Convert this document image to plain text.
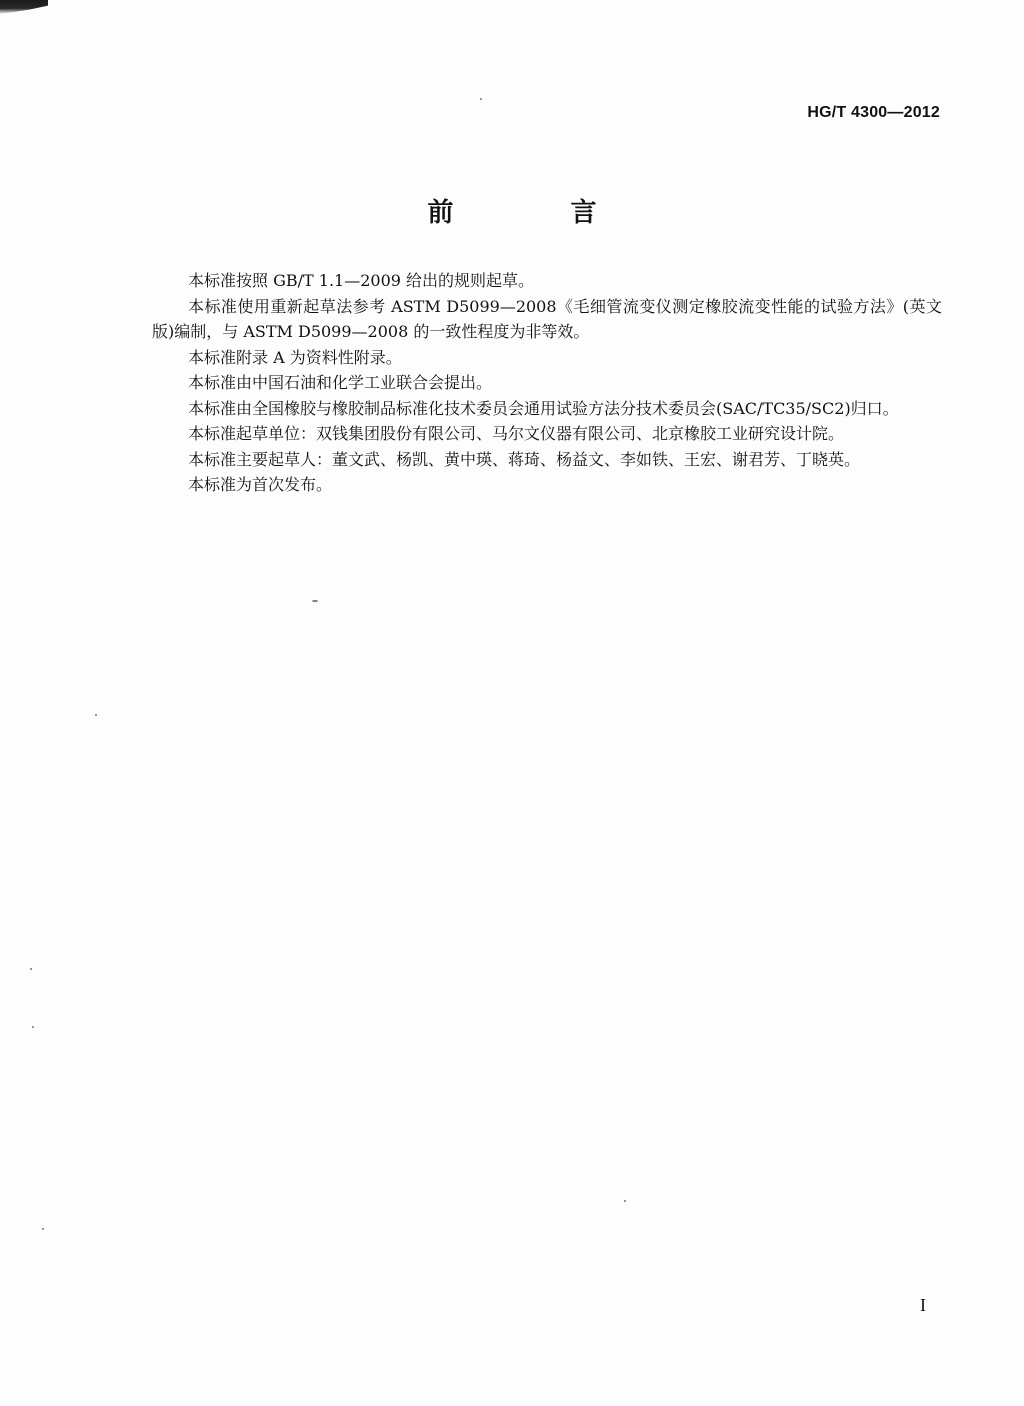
HG/T 4300—2012
前 言

本标准按照 GB/T 1.1—2009 给出的规则起草。

本标准使用重新起草法参考 ASTM D5099—2008《毛细管流变仪测定橡胶流变性能的试验方法》(英文版)编制，与 ASTM D5099—2008 的一致性程度为非等效。

本标准附录 A 为资料性附录。

本标准由中国石油和化学工业联合会提出。

本标准由全国橡胶与橡胶制品标准化技术委员会通用试验方法分技术委员会(SAC/TC35/SC2)归口。

本标准起草单位：双钱集团股份有限公司、马尔文仪器有限公司、北京橡胶工业研究设计院。

本标准主要起草人：董文武、杨凯、黄中瑛、蒋琦、杨益文、李如铁、王宏、谢君芳、丁晓英。

本标准为首次发布。

I
